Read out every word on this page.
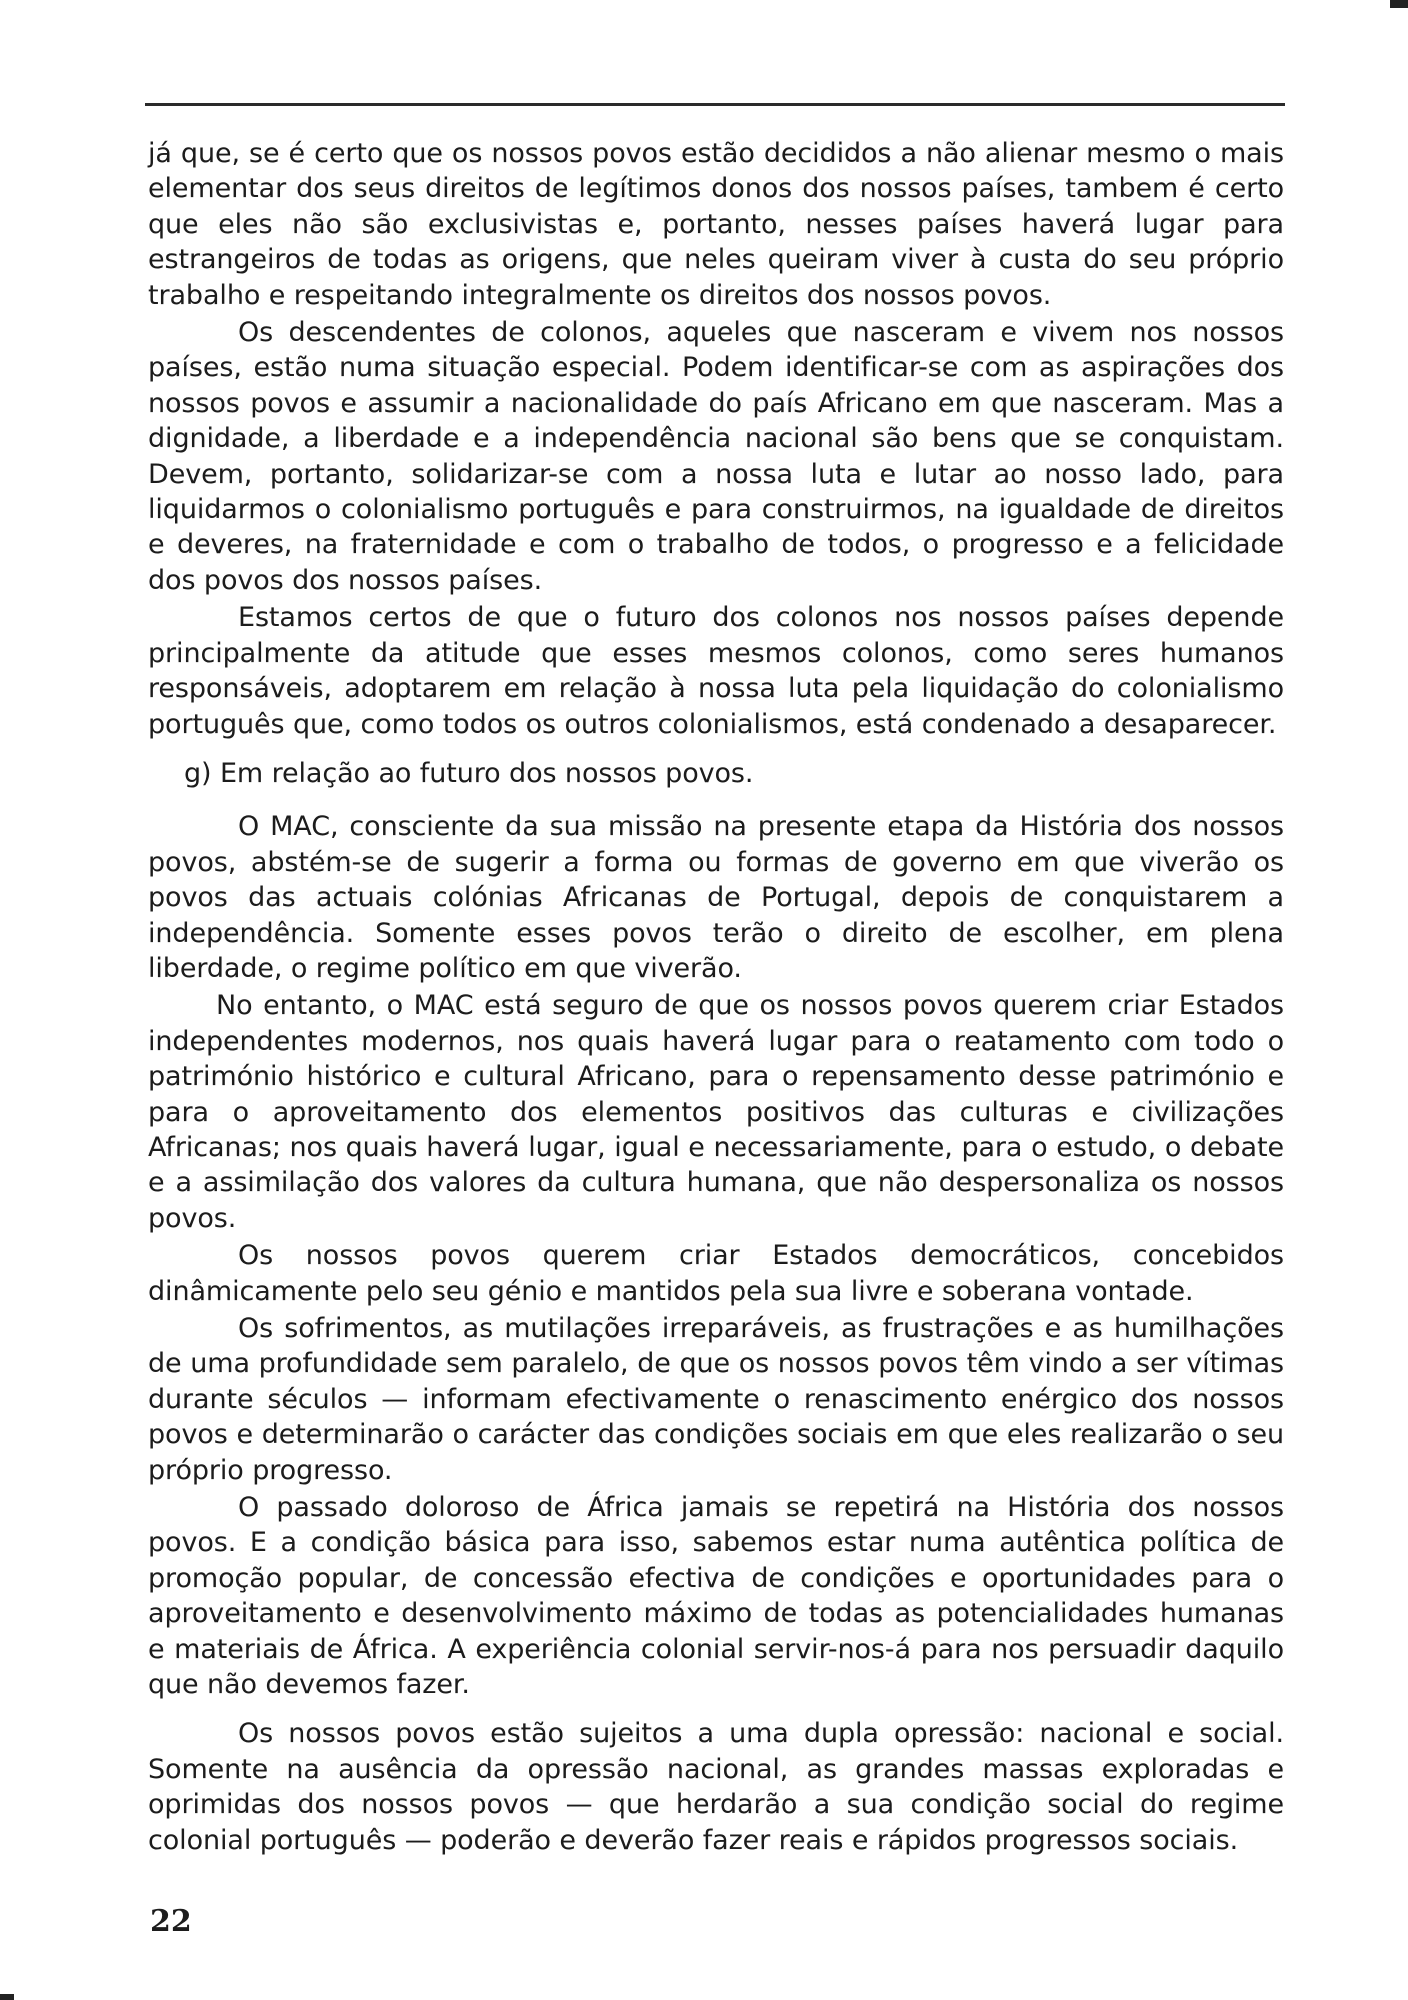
já que, se é certo que os nossos povos estão decididos a não alienar mesmo o mais elementar dos seus direitos de legítimos donos dos nossos países, tambem é certo que eles não são exclusivistas e, portanto, nesses países haverá lugar para estrangeiros de todas as origens, que neles queiram viver à custa do seu próprio trabalho e respeitando integralmente os direitos dos nossos povos.

Os descendentes de colonos, aqueles que nasceram e vivem nos nossos países, estão numa situação especial. Podem identificar-se com as aspirações dos nossos povos e assumir a nacionalidade do país Africano em que nasceram. Mas a dignidade, a liberdade e a independência nacional são bens que se conquistam. Devem, portanto, solidarizar-se com a nossa luta e lutar ao nosso lado, para liquidarmos o colonialismo português e para construirmos, na igualdade de direitos e deveres, na fraternidade e com o trabalho de todos, o progresso e a felicidade dos povos dos nossos países.

Estamos certos de que o futuro dos colonos nos nossos países depende principalmente da atitude que esses mesmos colonos, como seres humanos responsáveis, adoptarem em relação à nossa luta pela liquidação do colonialismo português que, como todos os outros colonialismos, está condenado a desaparecer.

g) Em relação ao futuro dos nossos povos.

O MAC, consciente da sua missão na presente etapa da História dos nossos povos, abstém-se de sugerir a forma ou formas de governo em que viverão os povos das actuais colónias Africanas de Portugal, depois de conquistarem a independência. Somente esses povos terão o direito de escolher, em plena liberdade, o regime político em que viverão.

No entanto, o MAC está seguro de que os nossos povos querem criar Estados independentes modernos, nos quais haverá lugar para o reatamento com todo o património histórico e cultural Africano, para o repensamento desse património e para o aproveitamento dos elementos positivos das culturas e civilizações Africanas; nos quais haverá lugar, igual e necessariamente, para o estudo, o debate e a assimilação dos valores da cultura humana, que não despersonaliza os nossos povos.

Os nossos povos querem criar Estados democráticos, concebidos dinâmicamente pelo seu génio e mantidos pela sua livre e soberana vontade.

Os sofrimentos, as mutilações irreparáveis, as frustrações e as humilhações de uma profundidade sem paralelo, de que os nossos povos têm vindo a ser vítimas durante séculos — informam efectivamente o renascimento enérgico dos nossos povos e determinarão o carácter das condições sociais em que eles realizarão o seu próprio progresso.

O passado doloroso de África jamais se repetirá na História dos nossos povos. E a condição básica para isso, sabemos estar numa autêntica política de promoção popular, de concessão efectiva de condições e oportunidades para o aproveitamento e desenvolvimento máximo de todas as potencialidades humanas e materiais de África. A experiência colonial servir-nos-á para nos persuadir daquilo que não devemos fazer.

Os nossos povos estão sujeitos a uma dupla opressão: nacional e social. Somente na ausência da opressão nacional, as grandes massas exploradas e oprimidas dos nossos povos — que herdarão a sua condição social do regime colonial português — poderão e deverão fazer reais e rápidos progressos sociais.

22
